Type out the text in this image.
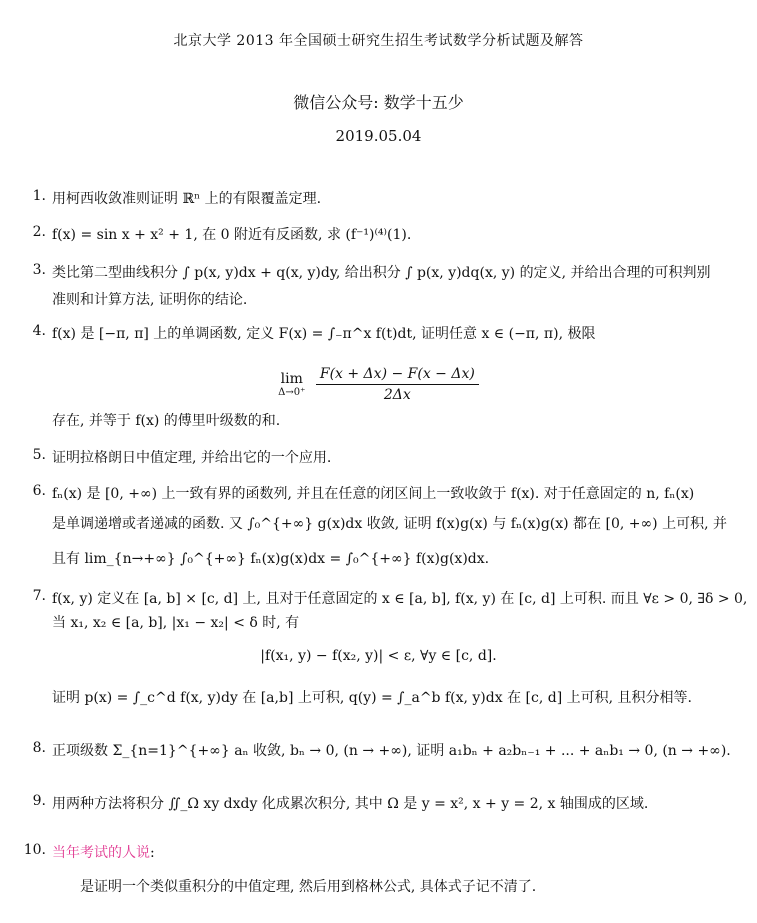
北京大学 2013 年全国硕士研究生招生考试数学分析试题及解答
微信公众号: 数学十五少
2019.05.04
1. 用柯西收敛准则证明 ℝⁿ 上的有限覆盖定理.
2. f(x) = sin x + x² + 1, 在 0 附近有反函数, 求 (f⁻¹)⁽⁴⁾(1).
3. 类比第二型曲线积分 ∫ p(x, y)dx + q(x, y)dy, 给出积分 ∫ p(x, y)dq(x, y) 的定义, 并给出合理的可积判别
准则和计算方法, 证明你的结论.
4. f(x) 是 [−π, π] 上的单调函数, 定义 F(x) = ∫₋π^x f(t)dt, 证明任意 x ∈ (−π, π), 极限
lim
Δ→0⁺
$\frac{F(x + \Delta x) - F(x - \Delta x)}{2\Delta x}$
存在, 并等于 f(x) 的傅里叶级数的和.
5. 证明拉格朗日中值定理, 并给出它的一个应用.
6. fₙ(x) 是 [0, +∞) 上一致有界的函数列, 并且在任意的闭区间上一致收敛于 f(x). 对于任意固定的 n, fₙ(x)
是单调递增或者递减的函数. 又 ∫₀^{+∞} g(x)dx 收敛, 证明 f(x)g(x) 与 fₙ(x)g(x) 都在 [0, +∞) 上可积, 并
且有 lim_{n→+∞} ∫₀^{+∞} fₙ(x)g(x)dx = ∫₀^{+∞} f(x)g(x)dx.
7. f(x, y) 定义在 [a, b] × [c, d] 上, 且对于任意固定的 x ∈ [a, b], f(x, y) 在 [c, d] 上可积. 而且 ∀ε > 0, ∃δ > 0,
当 x₁, x₂ ∈ [a, b], |x₁ − x₂| < δ 时, 有
|f(x₁, y) − f(x₂, y)| < ε, ∀y ∈ [c, d].
证明 p(x) = ∫_c^d f(x, y)dy 在 [a,b] 上可积, q(y) = ∫_a^b f(x, y)dx 在 [c, d] 上可积, 且积分相等.
8. 正项级数 Σ_{n=1}^{+∞} aₙ 收敛, bₙ → 0, (n → +∞), 证明 a₁bₙ + a₂bₙ₋₁ + ... + aₙb₁ → 0, (n → +∞).
9. 用两种方法将积分 ∬_Ω xy dxdy 化成累次积分, 其中 Ω 是 y = x², x + y = 2, x 轴围成的区域.
10. 当年考试的人说:
是证明一个类似重积分的中值定理, 然后用到格林公式, 具体式子记不清了.
